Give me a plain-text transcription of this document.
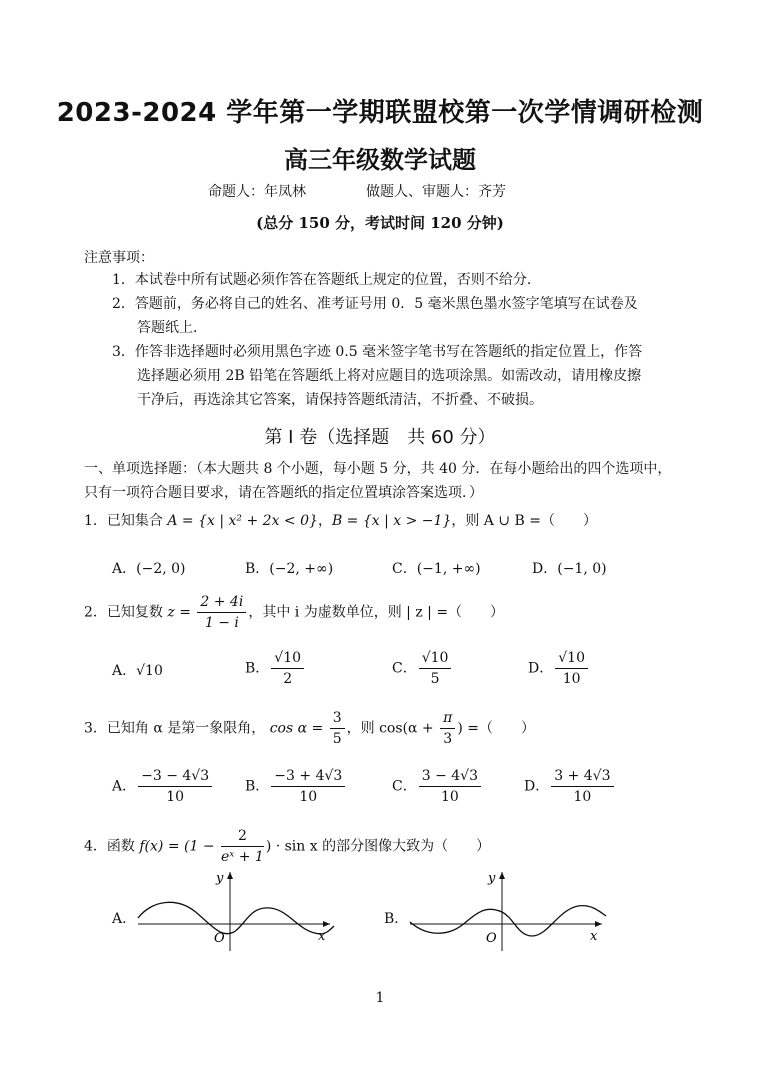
2023-2024 学年第一学期联盟校第一次学情调研检测
高三年级数学试题
命题人：年凤林	做题人、审题人：齐芳
(总分 150 分，考试时间 120 分钟)
注意事项：
1．本试卷中所有试题必须作答在答题纸上规定的位置，否则不给分．
2．答题前，务必将自己的姓名、准考证号用 0．5 毫米黑色墨水签字笔填写在试卷及
答题纸上．
3．作答非选择题时必须用黑色字迹 0.5 毫米签字笔书写在答题纸的指定位置上，作答
选择题必须用 2B 铅笔在答题纸上将对应题目的选项涂黑。如需改动，请用橡皮擦
干净后，再选涂其它答案，请保持答题纸清洁，不折叠、不破损。
第 I 卷（选择题　共 60 分）
一、单项选择题：（本大题共 8 个小题，每小题 5 分，共 40 分．在每小题给出的四个选项中，只有一项符合题目要求，请在答题纸的指定位置填涂答案选项．）
1．已知集合 A = {x | x² + 2x < 0}，B = {x | x > −1}，则 A ∪ B =（　　）
A．(−2, 0)	B．(−2, +∞)	C．(−1, +∞)	D．(−1, 0)
2．已知复数 $z = \frac{2 + 4i}{1 - i}$ ，其中 i 为虚数单位，则 | z | =（　　）
A．√10	B． $\frac{√10}{2}$	C． $\frac{√10}{5}$	D． $\frac{√10}{10}$
3．已知角 α 是第一象限角， $\cos \alpha = \frac{3}{5}$ ，则 $\cos(\alpha + \frac{\pi}{3}$ ) =（　　）
A． $\frac{-3 - 4√3}{10}$ B． $\frac{-3 + 4√3}{10}$	C． $\frac{3 - 4√3}{10}$	D． $\frac{3 + 4√3}{10}$
4．函数 $f(x) = (1 - \frac{2}{\text{eˣ + 1}}$ ) · sin x 的部分图像大致为（　　）
A．
y
O	x
B．
y
O	x
1
